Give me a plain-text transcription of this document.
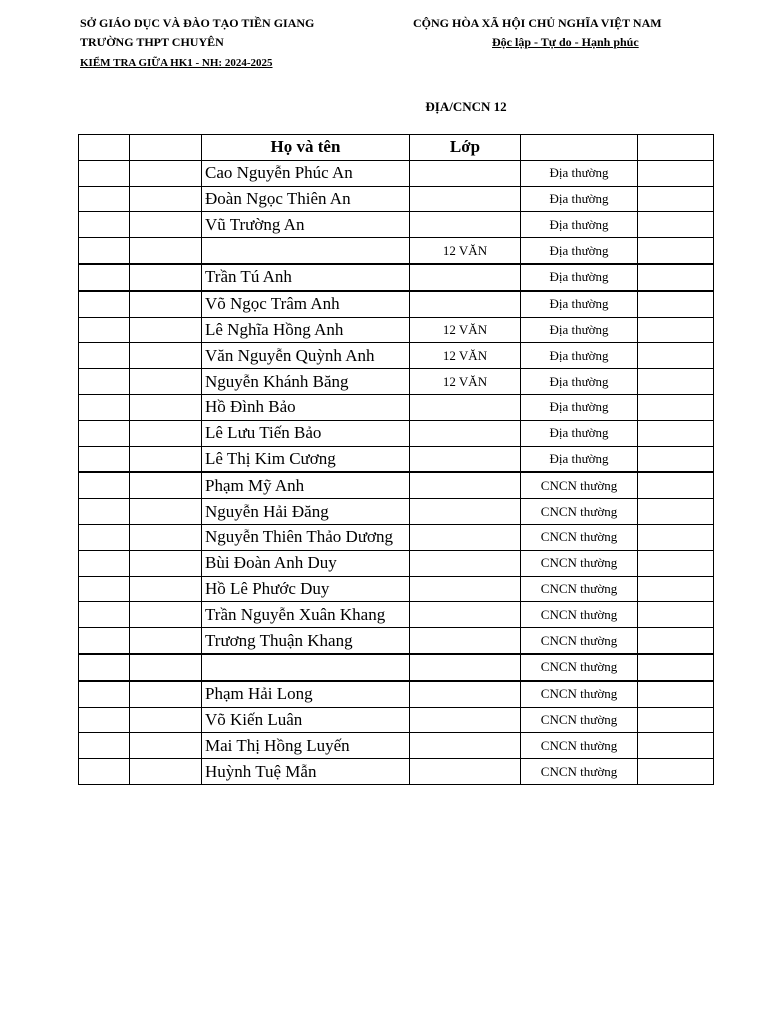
SỞ GIÁO DỤC VÀ ĐÀO TẠO TIỀN GIANG
TRƯỜNG THPT CHUYÊN
KIỂM TRA GIỮA HK1 - NH: 2024-2025
CỘNG HÒA XÃ HỘI CHỦ NGHĨA VIỆT NAM
Độc lập - Tự do - Hạnh phúc
ĐỊA/CNCN 12
		Họ và tên	Lớp		
		Cao Nguyễn Phúc An		Địa thường	
		Đoàn Ngọc Thiên An		Địa thường	
		Vũ Trường An		Địa thường	
			12 VĂN	Địa thường	
		Trần Tú Anh		Địa thường	
		Võ Ngọc Trâm Anh		Địa thường	
		Lê Nghĩa Hồng Anh	12 VĂN	Địa thường	
		Văn Nguyễn Quỳnh Anh	12 VĂN	Địa thường	
		Nguyễn Khánh Băng	12 VĂN	Địa thường	
		Hồ Đình Bảo		Địa thường	
		Lê Lưu Tiến Bảo		Địa thường	
		Lê Thị Kim Cương		Địa thường	
		Phạm Mỹ Anh		CNCN thường	
		Nguyễn Hải Đăng		CNCN thường	
		Nguyễn Thiên Thảo Dương		CNCN thường	
		Bùi Đoàn Anh Duy		CNCN thường	
		Hồ Lê Phước Duy		CNCN thường	
		Trần Nguyễn Xuân Khang		CNCN thường	
		Trương Thuận Khang		CNCN thường	
				CNCN thường	
		Phạm Hải Long		CNCN thường	
		Võ Kiến Luân		CNCN thường	
		Mai Thị Hồng Luyến		CNCN thường	
		Huỳnh Tuệ Mẫn		CNCN thường	
